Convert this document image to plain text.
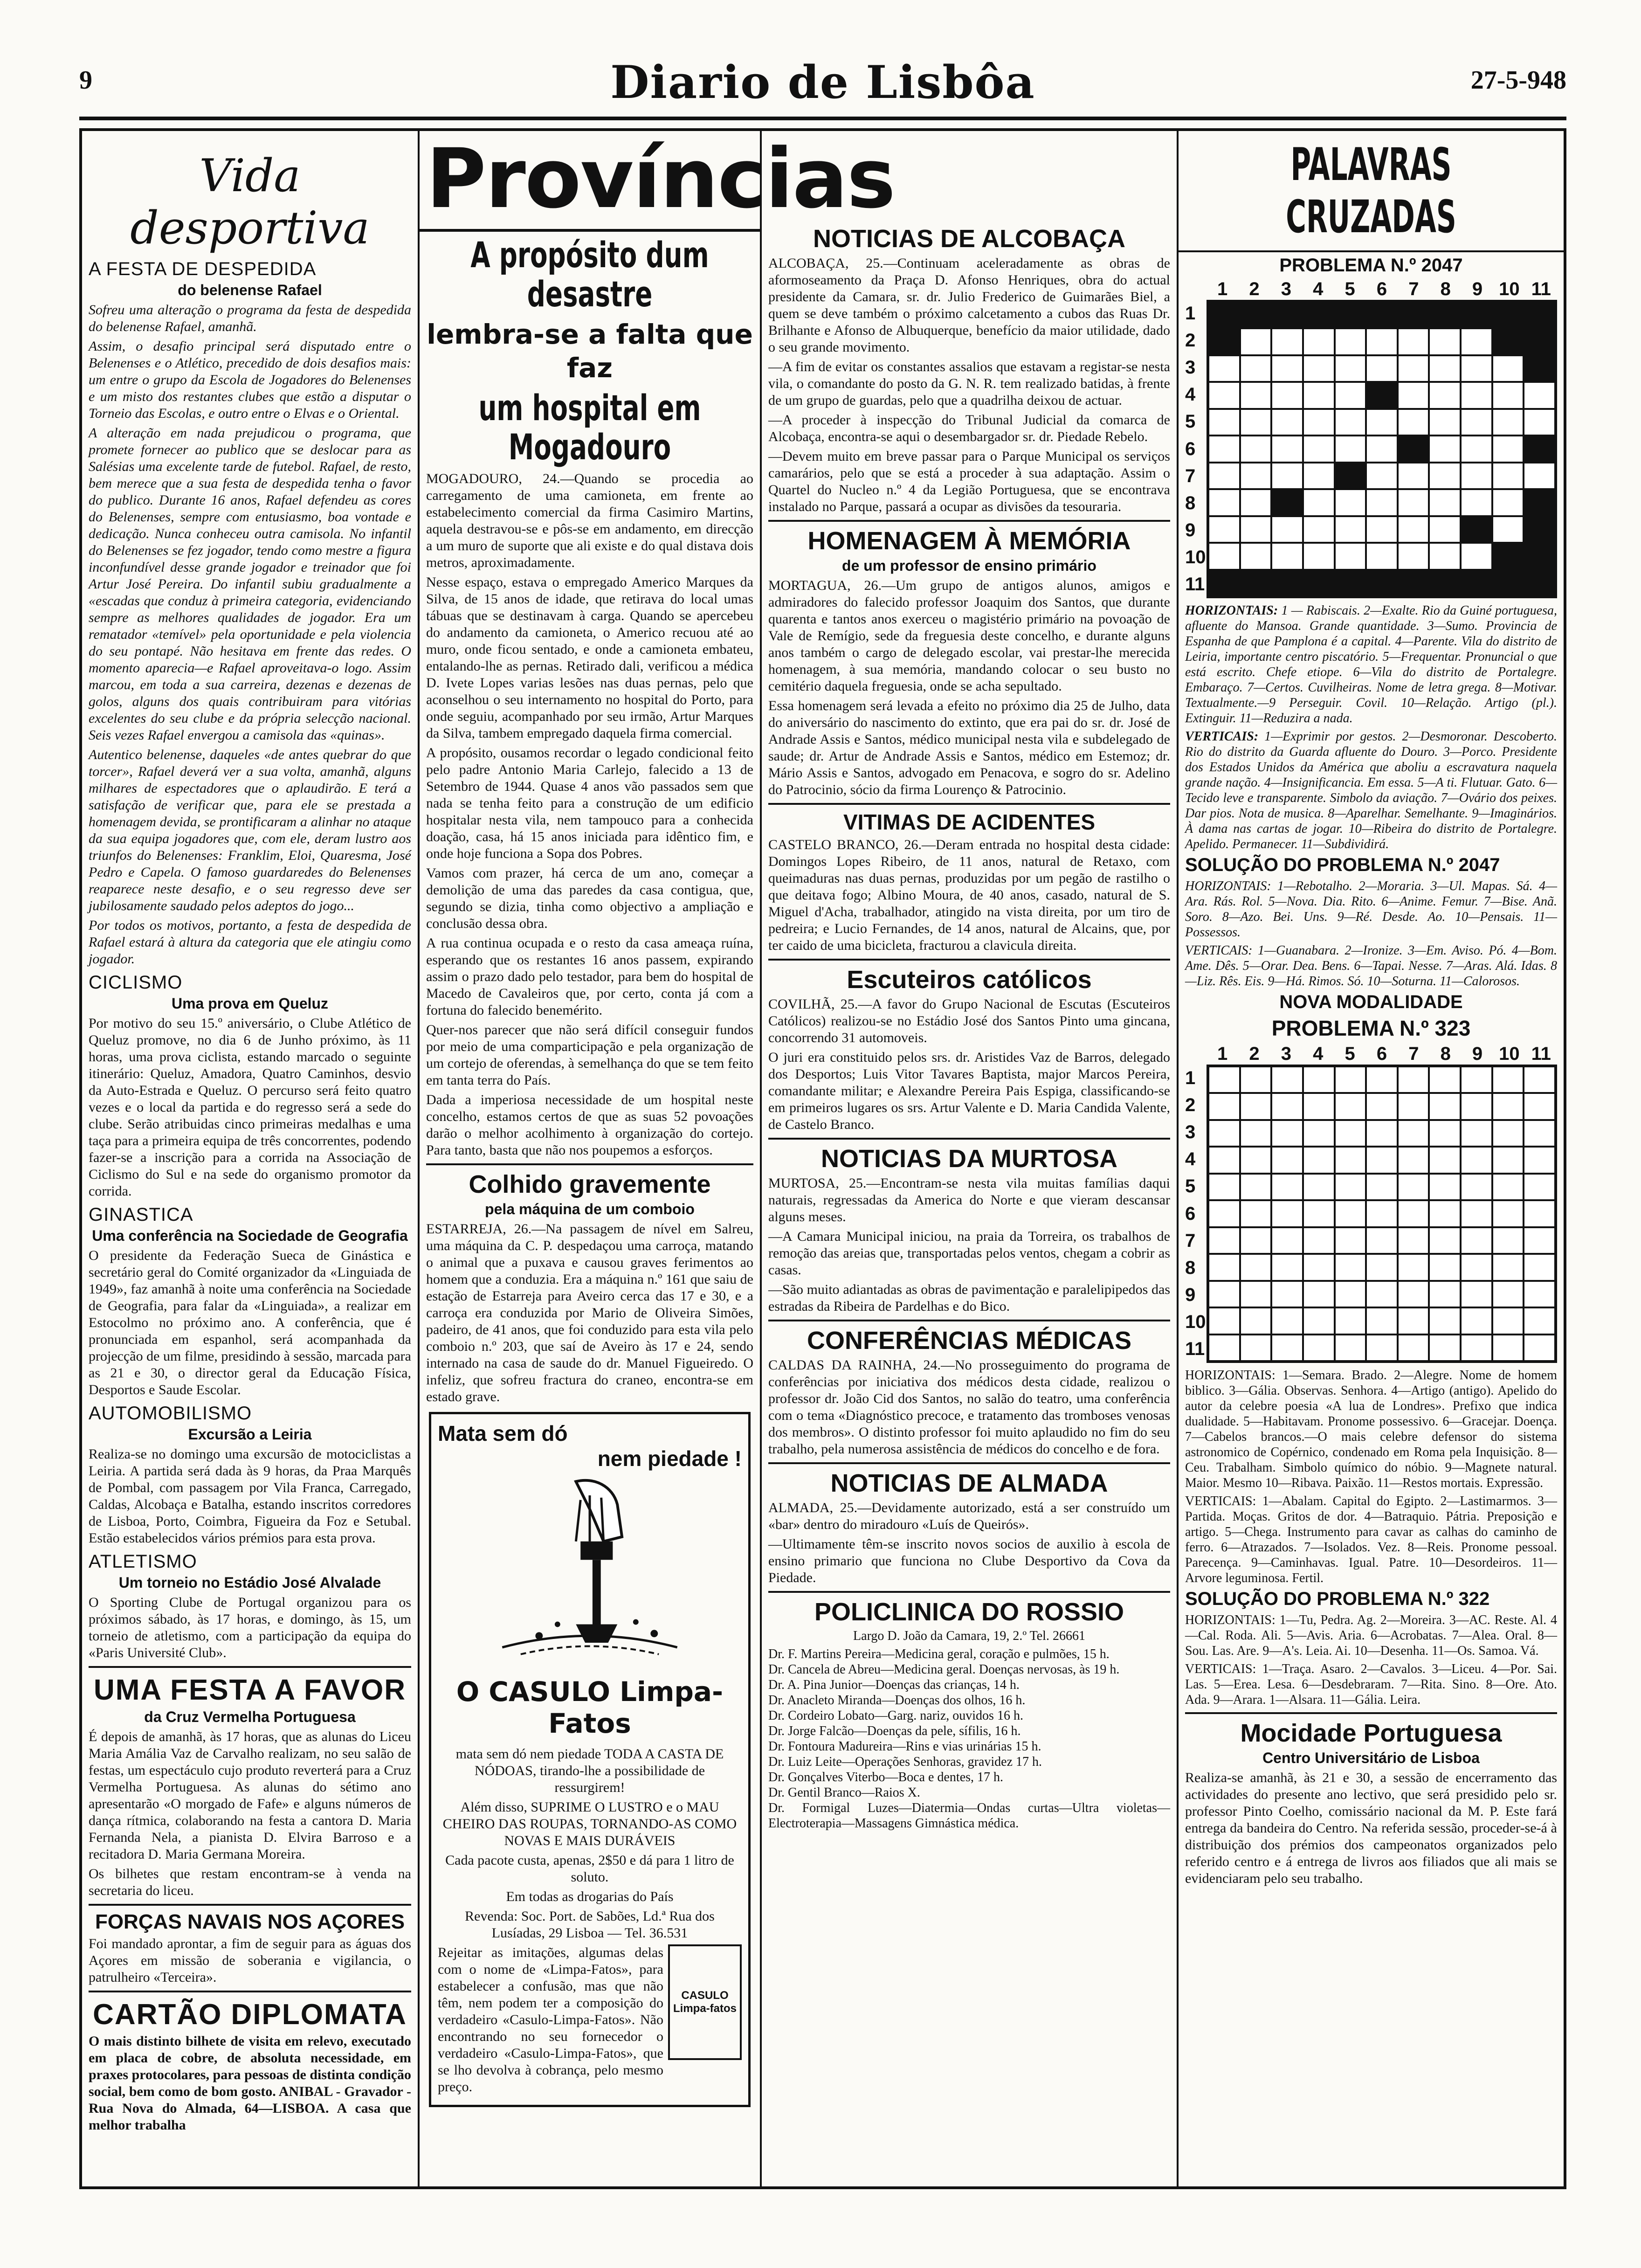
9	Diario de Lisbôa	27-5-948
Vida desportiva
A FESTA DE DESPEDIDA
do belenense Rafael

Sofreu uma alteração o programa da festa de despedida do belenense Rafael, amanhã.

Assim, o desafio principal será disputado entre o Belenenses e o Atlético, precedido de dois desafios mais: um entre o grupo da Escola de Jogadores do Belenenses e um misto dos restantes clubes que estão a disputar o Torneio das Escolas, e outro entre o Elvas e o Oriental.

A alteração em nada prejudicou o programa, que promete fornecer ao publico que se deslocar para as Salésias uma excelente tarde de futebol. Rafael, de resto, bem merece que a sua festa de despedida tenha o favor do publico. Durante 16 anos, Rafael defendeu as cores do Belenenses, sempre com entusiasmo, boa vontade e dedicação. Nunca conheceu outra camisola. No infantil do Belenenses se fez jogador, tendo como mestre a figura inconfundível desse grande jogador e treinador que foi Artur José Pereira. Do infantil subiu gradualmente a «escadas que conduz à primeira categoria, evidenciando sempre as melhores qualidades de jogador. Era um rematador «temível» pela oportunidade e pela violencia do seu pontapé. Não hesitava em frente das redes. O momento aparecia—e Rafael aproveitava-o logo. Assim marcou, em toda a sua carreira, dezenas e dezenas de golos, alguns dos quais contribuiram para vitórias excelentes do seu clube e da própria selecção nacional. Seis vezes Rafael envergou a camisola das «quinas».

Autentico belenense, daqueles «de antes quebrar do que torcer», Rafael deverá ver a sua volta, amanhã, alguns milhares de espectadores que o aplaudirão. E terá a satisfação de verificar que, para ele se prestada a homenagem devida, se prontificaram a alinhar no ataque da sua equipa jogadores que, com ele, deram lustro aos triunfos do Belenenses: Franklim, Eloi, Quaresma, José Pedro e Capela. O famoso guardaredes do Belenenses reaparece neste desafio, e o seu regresso deve ser jubilosamente saudado pelos adeptos do jogo...

Por todos os motivos, portanto, a festa de despedida de Rafael estará à altura da categoria que ele atingiu como jogador.

CICLISMO
Uma prova em Queluz

Por motivo do seu 15.º aniversário, o Clube Atlético de Queluz promove, no dia 6 de Junho próximo, às 11 horas, uma prova ciclista, estando marcado o seguinte itinerário: Queluz, Amadora, Quatro Caminhos, desvio da Auto-Estrada e Queluz. O percurso será feito quatro vezes e o local da partida e do regresso será a sede do clube. Serão atribuidas cinco primeiras medalhas e uma taça para a primeira equipa de três concorrentes, podendo fazer-se a inscrição para a corrida na Associação de Ciclismo do Sul e na sede do organismo promotor da corrida.

GINASTICA
Uma conferência na Sociedade de Geografia

O presidente da Federação Sueca de Ginástica e secretário geral do Comité organizador da «Linguiada de 1949», faz amanhã à noite uma conferência na Sociedade de Geografia, para falar da «Linguiada», a realizar em Estocolmo no próximo ano. A conferência, que é pronunciada em espanhol, será acompanhada da projecção de um filme, presidindo à sessão, marcada para as 21 e 30, o director geral da Educação Física, Desportos e Saude Escolar.

AUTOMOBILISMO
Excursão a Leiria

Realiza-se no domingo uma excursão de motociclistas a Leiria. A partida será dada às 9 horas, da Praa Marquês de Pombal, com passagem por Vila Franca, Carregado, Caldas, Alcobaça e Batalha, estando inscritos corredores de Lisboa, Porto, Coimbra, Figueira da Foz e Setubal. Estão estabelecidos vários prémios para esta prova.

ATLETISMO
Um torneio no Estádio José Alvalade

O Sporting Clube de Portugal organizou para os próximos sábado, às 17 horas, e domingo, às 15, um torneio de atletismo, com a participação da equipa do «Paris Université Club».

UMA FESTA A FAVOR
da Cruz Vermelha Portuguesa

É depois de amanhã, às 17 horas, que as alunas do Liceu Maria Amália Vaz de Carvalho realizam, no seu salão de festas, um espectáculo cujo produto reverterá para a Cruz Vermelha Portuguesa. As alunas do sétimo ano apresentarão «O morgado de Fafe» e alguns números de dança rítmica, colaborando na festa a cantora D. Maria Fernanda Nela, a pianista D. Elvira Barroso e a recitadora D. Maria Germana Moreira.

Os bilhetes que restam encontram-se à venda na secretaria do liceu.

FORÇAS NAVAIS NOS AÇORES

Foi mandado aprontar, a fim de seguir para as águas dos Açores em missão de soberania e vigilancia, o patrulheiro «Terceira».

CARTÃO DIPLOMATA

O mais distinto bilhete de visita em relevo, executado em placa de cobre, de absoluta necessidade, em praxes protocolares, para pessoas de distinta condição social, bem como de bom gosto. ANIBAL - Gravador - Rua Nova do Almada, 64—LISBOA. A casa que melhor trabalha

Províncias
A propósito dum desastre
lembra-se a falta que faz
um hospital em Mogadouro

MOGADOURO, 24.—Quando se procedia ao carregamento de uma camioneta, em frente ao estabelecimento comercial da firma Casimiro Martins, aquela destravou-se e pôs-se em andamento, em direcção a um muro de suporte que ali existe e do qual distava dois metros, aproximadamente.

Nesse espaço, estava o empregado Americo Marques da Silva, de 15 anos de idade, que retirava do local umas tábuas que se destinavam à carga. Quando se apercebeu do andamento da camioneta, o Americo recuou até ao muro, onde ficou sentado, e onde a camioneta embateu, entalando-lhe as pernas. Retirado dali, verificou a médica D. Ivete Lopes varias lesões nas duas pernas, pelo que aconselhou o seu internamento no hospital do Porto, para onde seguiu, acompanhado por seu irmão, Artur Marques da Silva, tambem empregado daquela firma comercial.

A propósito, ousamos recordar o legado condicional feito pelo padre Antonio Maria Carlejo, falecido a 13 de Setembro de 1944. Quase 4 anos vão passados sem que nada se tenha feito para a construção de um edificio hospitalar nesta vila, nem tampouco para a conhecida doação, casa, há 15 anos iniciada para idêntico fim, e onde hoje funciona a Sopa dos Pobres.

Vamos com prazer, há cerca de um ano, começar a demolição de uma das paredes da casa contigua, que, segundo se dizia, tinha como objectivo a ampliação e conclusão dessa obra.

A rua continua ocupada e o resto da casa ameaça ruína, esperando que os restantes 16 anos passem, expirando assim o prazo dado pelo testador, para bem do hospital de Macedo de Cavaleiros que, por certo, conta já com a fortuna do falecido benemérito.

Quer-nos parecer que não será difícil conseguir fundos por meio de uma comparticipação e pela organização de um cortejo de oferendas, à semelhança do que se tem feito em tanta terra do País.

Dada a imperiosa necessidade de um hospital neste concelho, estamos certos de que as suas 52 povoações darão o melhor acolhimento à organização do cortejo. Para tanto, basta que não nos poupemos a esforços.

Colhido gravemente
pela máquina de um comboio

ESTARREJA, 26.—Na passagem de nível em Salreu, uma máquina da C. P. despedaçou uma carroça, matando o animal que a puxava e causou graves ferimentos ao homem que a conduzia. Era a máquina n.º 161 que saiu de estação de Estarreja para Aveiro cerca das 17 e 30, e a carroça era conduzida por Mario de Oliveira Simões, padeiro, de 41 anos, que foi conduzido para esta vila pelo comboio n.º 203, que saí de Aveiro às 17 e 24, sendo internado na casa de saude do dr. Manuel Figueiredo. O infeliz, que sofreu fractura do craneo, encontra-se em estado grave.

Mata sem dó
nem piedade !
O CASULO Limpa-Fatos

mata sem dó nem piedade TODA A CASTA DE NÓDOAS, tirando-lhe a possibilidade de ressurgirem!

Além disso, SUPRIME O LUSTRO e o MAU CHEIRO DAS ROUPAS, TORNANDO-AS COMO NOVAS E MAIS DURÁVEIS

Cada pacote custa, apenas, 2$50 e dá para 1 litro de soluto.

Em todas as drogarias do País

Revenda: Soc. Port. de Sabões, Ld.ª Rua dos Lusíadas, 29 Lisboa — Tel. 36.531

Rejeitar as imitações, algumas delas com o nome de «Limpa-Fatos», para estabelecer a confusão, mas que não têm, nem podem ter a composição do verdadeiro «Casulo-Limpa-Fatos». Não encontrando no seu fornecedor o verdadeiro «Casulo-Limpa-Fatos», que se lho devolva à cobrança, pelo mesmo preço.

CASULO Limpa-fatos
NOTICIAS DE ALCOBAÇA

ALCOBAÇA, 25.—Continuam aceleradamente as obras de aformoseamento da Praça D. Afonso Henriques, obra do actual presidente da Camara, sr. dr. Julio Frederico de Guimarães Biel, a quem se deve também o próximo calcetamento a cubos das Ruas Dr. Brilhante e Afonso de Albuquerque, benefício da maior utilidade, dado o seu grande movimento.

—A fim de evitar os constantes assalios que estavam a registar-se nesta vila, o comandante do posto da G. N. R. tem realizado batidas, à frente de um grupo de guardas, pelo que a quadrilha deixou de actuar.

—A proceder à inspecção do Tribunal Judicial da comarca de Alcobaça, encontra-se aqui o desembargador sr. dr. Piedade Rebelo.

—Devem muito em breve passar para o Parque Municipal os serviços camarários, pelo que se está a proceder à sua adaptação. Assim o Quartel do Nucleo n.º 4 da Legião Portuguesa, que se encontrava instalado no Parque, passará a ocupar as divisões da tesouraria.

HOMENAGEM À MEMÓRIA
de um professor de ensino primário

MORTAGUA, 26.—Um grupo de antigos alunos, amigos e admiradores do falecido professor Joaquim dos Santos, que durante quarenta e tantos anos exerceu o magistério primário na povoação de Vale de Remígio, sede da freguesia deste concelho, e durante alguns anos também o cargo de delegado escolar, vai prestar-lhe merecida homenagem, à sua memória, mandando colocar o seu busto no cemitério daquela freguesia, onde se acha sepultado.

Essa homenagem será levada a efeito no próximo dia 25 de Julho, data do aniversário do nascimento do extinto, que era pai do sr. dr. José de Andrade Assis e Santos, médico municipal nesta vila e subdelegado de saude; dr. Artur de Andrade Assis e Santos, médico em Estemoz; dr. Mário Assis e Santos, advogado em Penacova, e sogro do sr. Adelino do Patrocinio, sócio da firma Lourenço & Patrocinio.

VITIMAS DE ACIDENTES

CASTELO BRANCO, 26.—Deram entrada no hospital desta cidade: Domingos Lopes Ribeiro, de 11 anos, natural de Retaxo, com queimaduras nas duas pernas, produzidas por um pegão de rastilho o que deitava fogo; Albino Moura, de 40 anos, casado, natural de S. Miguel d'Acha, trabalhador, atingido na vista direita, por um tiro de pedreira; e Lucio Fernandes, de 14 anos, natural de Alcains, que, por ter caido de uma bicicleta, fracturou a clavicula direita.

Escuteiros católicos

COVILHÃ, 25.—A favor do Grupo Nacional de Escutas (Escuteiros Católicos) realizou-se no Estádio José dos Santos Pinto uma gincana, concorrendo 31 automoveis.

O juri era constituido pelos srs. dr. Aristides Vaz de Barros, delegado dos Desportos; Luis Vitor Tavares Baptista, major Marcos Pereira, comandante militar; e Alexandre Pereira Pais Espiga, classificando-se em primeiros lugares os srs. Artur Valente e D. Maria Candida Valente, de Castelo Branco.

NOTICIAS DA MURTOSA

MURTOSA, 25.—Encontram-se nesta vila muitas famílias daqui naturais, regressadas da America do Norte e que vieram descansar alguns meses.

—A Camara Municipal iniciou, na praia da Torreira, os trabalhos de remoção das areias que, transportadas pelos ventos, chegam a cobrir as casas.

—São muito adiantadas as obras de pavimentação e paralelipipedos das estradas da Ribeira de Pardelhas e do Bico.

CONFERÊNCIAS MÉDICAS

CALDAS DA RAINHA, 24.—No prosseguimento do programa de conferências por iniciativa dos médicos desta cidade, realizou o professor dr. João Cid dos Santos, no salão do teatro, uma conferência com o tema «Diagnóstico precoce, e tratamento das tromboses venosas dos membros». O distinto professor foi muito aplaudido no fim do seu trabalho, pela numerosa assistência de médicos do concelho e de fora.

NOTICIAS DE ALMADA

ALMADA, 25.—Devidamente autorizado, está a ser construído um «bar» dentro do miradouro «Luís de Queirós».

—Ultimamente têm-se inscrito novos socios de auxilio à escola de ensino primario que funciona no Clube Desportivo da Cova da Piedade.

POLICLINICA DO ROSSIO

Largo D. João da Camara, 19, 2.º Tel. 26661

Dr. F. Martins Pereira—Medicina geral, coração e pulmões, 15 h.

Dr. Cancela de Abreu—Medicina geral. Doenças nervosas, às 19 h.

Dr. A. Pina Junior—Doenças das crianças, 14 h.

Dr. Anacleto Miranda—Doenças dos olhos, 16 h.

Dr. Cordeiro Lobato—Garg. nariz, ouvidos 16 h.

Dr. Jorge Falcão—Doenças da pele, sífilis, 16 h.

Dr. Fontoura Madureira—Rins e vias urinárias 15 h.

Dr. Luiz Leite—Operações Senhoras, gravidez 17 h.

Dr. Gonçalves Viterbo—Boca e dentes, 17 h.

Dr. Gentil Branco—Raios X.

Dr. Formigal Luzes—Diatermia—Ondas curtas—Ultra violetas—Electroterapia—Massagens Gimnástica médica.

PALAVRAS CRUZADAS
PROBLEMA N.º 2047
1	2	3	4	5	6	7	8	9 10 11
1
2
3
4
5
6
7
8
9
10
11

HORIZONTAIS: 1 — Rabiscais. 2—Exalte. Rio da Guiné portuguesa, afluente do Mansoa. Grande quantidade. 3—Sumo. Provincia de Espanha de que Pamplona é a capital. 4—Parente. Vila do distrito de Leiria, importante centro piscatório. 5—Frequentar. Pronuncial o que está escrito. Chefe etiope. 6—Vila do distrito de Portalegre. Embaraço. 7—Certos. Cuvilheiras. Nome de letra grega. 8—Motivar. Textualmente.—9 Perseguir. Covil. 10—Relação. Artigo (pl.). Extinguir. 11—Reduzira a nada.

VERTICAIS: 1—Exprimir por gestos. 2—Desmoronar. Descoberto. Rio do distrito da Guarda afluente do Douro. 3—Porco. Presidente dos Estados Unidos da América que aboliu a escravatura naquela grande nação. 4—Insignificancia. Em essa. 5—A ti. Flutuar. Gato. 6—Tecido leve e transparente. Simbolo da aviação. 7—Ovário dos peixes. Dar pios. Nota de musica. 8—Aparelhar. Semelhante. 9—Imaginários. À dama nas cartas de jogar. 10—Ribeira do distrito de Portalegre. Apelido. Permanecer. 11—Subdividirá.

SOLUÇÃO DO PROBLEMA N.º 2047

HORIZONTAIS: 1—Rebotalho. 2—Moraria. 3—Ul. Mapas. Sá. 4—Ara. Rás. Rol. 5—Nova. Dia. Rito. 6—Anime. Femur. 7—Bise. Anã. Soro. 8—Azo. Bei. Uns. 9—Ré. Desde. Ao. 10—Pensais. 11—Possessos.

VERTICAIS: 1—Guanabara. 2—Ironize. 3—Em. Aviso. Pó. 4—Bom. Ame. Dês. 5—Orar. Dea. Bens. 6—Tapai. Nesse. 7—Aras. Alá. Idas. 8—Liz. Rês. Eis. 9—Há. Rimos. Só. 10—Soturna. 11—Calorosos.

NOVA MODALIDADE
PROBLEMA N.º 323
1	2	3	4	5	6	7	8	9 10 11
1
2
3
4
5
6
7
8
9
10
11

HORIZONTAIS: 1—Semara. Brado. 2—Alegre. Nome de homem biblico. 3—Gália. Observas. Senhora. 4—Artigo (antigo). Apelido do autor da celebre poesia «A lua de Londres». Prefixo que indica dualidade. 5—Habitavam. Pronome possessivo. 6—Gracejar. Doença. 7—Cabelos brancos.—O mais celebre defensor do sistema astronomico de Copérnico, condenado em Roma pela Inquisição. 8—Ceu. Trabalham. Simbolo químico do nóbio. 9—Magnete natural. Maior. Mesmo 10—Ribava. Paixão. 11—Restos mortais. Expressão.

VERTICAIS: 1—Abalam. Capital do Egipto. 2—Lastimarmos. 3—Partida. Moças. Gritos de dor. 4—Batraquio. Pátria. Preposição e artigo. 5—Chega. Instrumento para cavar as calhas do caminho de ferro. 6—Atrazados. 7—Isolados. Vez. 8—Reis. Pronome pessoal. Parecença. 9—Caminhavas. Igual. Patre. 10—Desordeiros. 11—Arvore leguminosa. Fertil.

SOLUÇÃO DO PROBLEMA N.º 322

HORIZONTAIS: 1—Tu, Pedra. Ag. 2—Moreira. 3—AC. Reste. Al. 4—Cal. Roda. Ali. 5—Avis. Aria. 6—Acrobatas. 7—Alea. Oral. 8—Sou. Las. Are. 9—A's. Leia. Ai. 10—Desenha. 11—Os. Samoa. Vá.

VERTICAIS: 1—Traça. Asaro. 2—Cavalos. 3—Liceu. 4—Por. Sai. Las. 5—Erea. Lesa. 6—Desdebraram. 7—Rita. Sino. 8—Ore. Ato. Ada. 9—Arara. 1—Alsara. 11—Gália. Leira.

Mocidade Portuguesa
Centro Universitário de Lisboa

Realiza-se amanhã, às 21 e 30, a sessão de encerramento das actividades do presente ano lectivo, que será presidido pelo sr. professor Pinto Coelho, comissário nacional da M. P. Este fará entrega da bandeira do Centro. Na referida sessão, proceder-se-á à distribuição dos prémios dos campeonatos organizados pelo referido centro e á entrega de livros aos filiados que ali mais se evidenciaram pelo seu trabalho.
